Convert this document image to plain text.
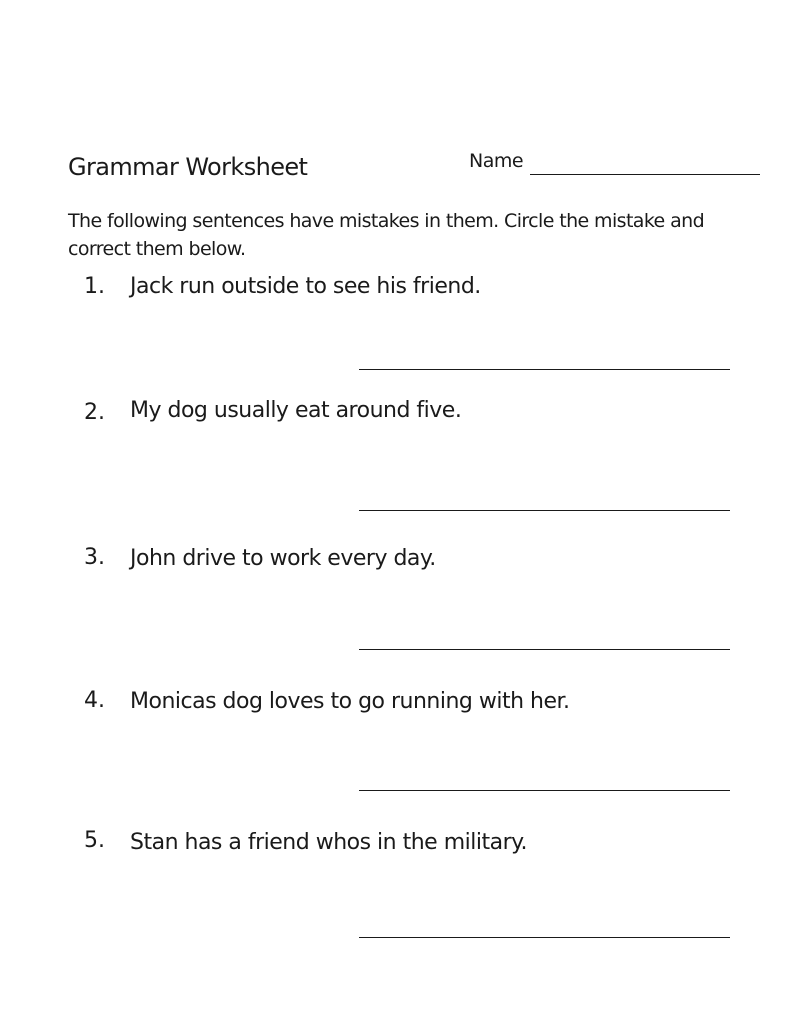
Grammar Worksheet	Name
The following sentences have mistakes in them. Circle the mistake and
correct them below.
1. Jack run outside to see his friend.
2. My dog usually eat around five.
3. John drive to work every day.
4. Monicas dog loves to go running with her.
5. Stan has a friend whos in the military.
